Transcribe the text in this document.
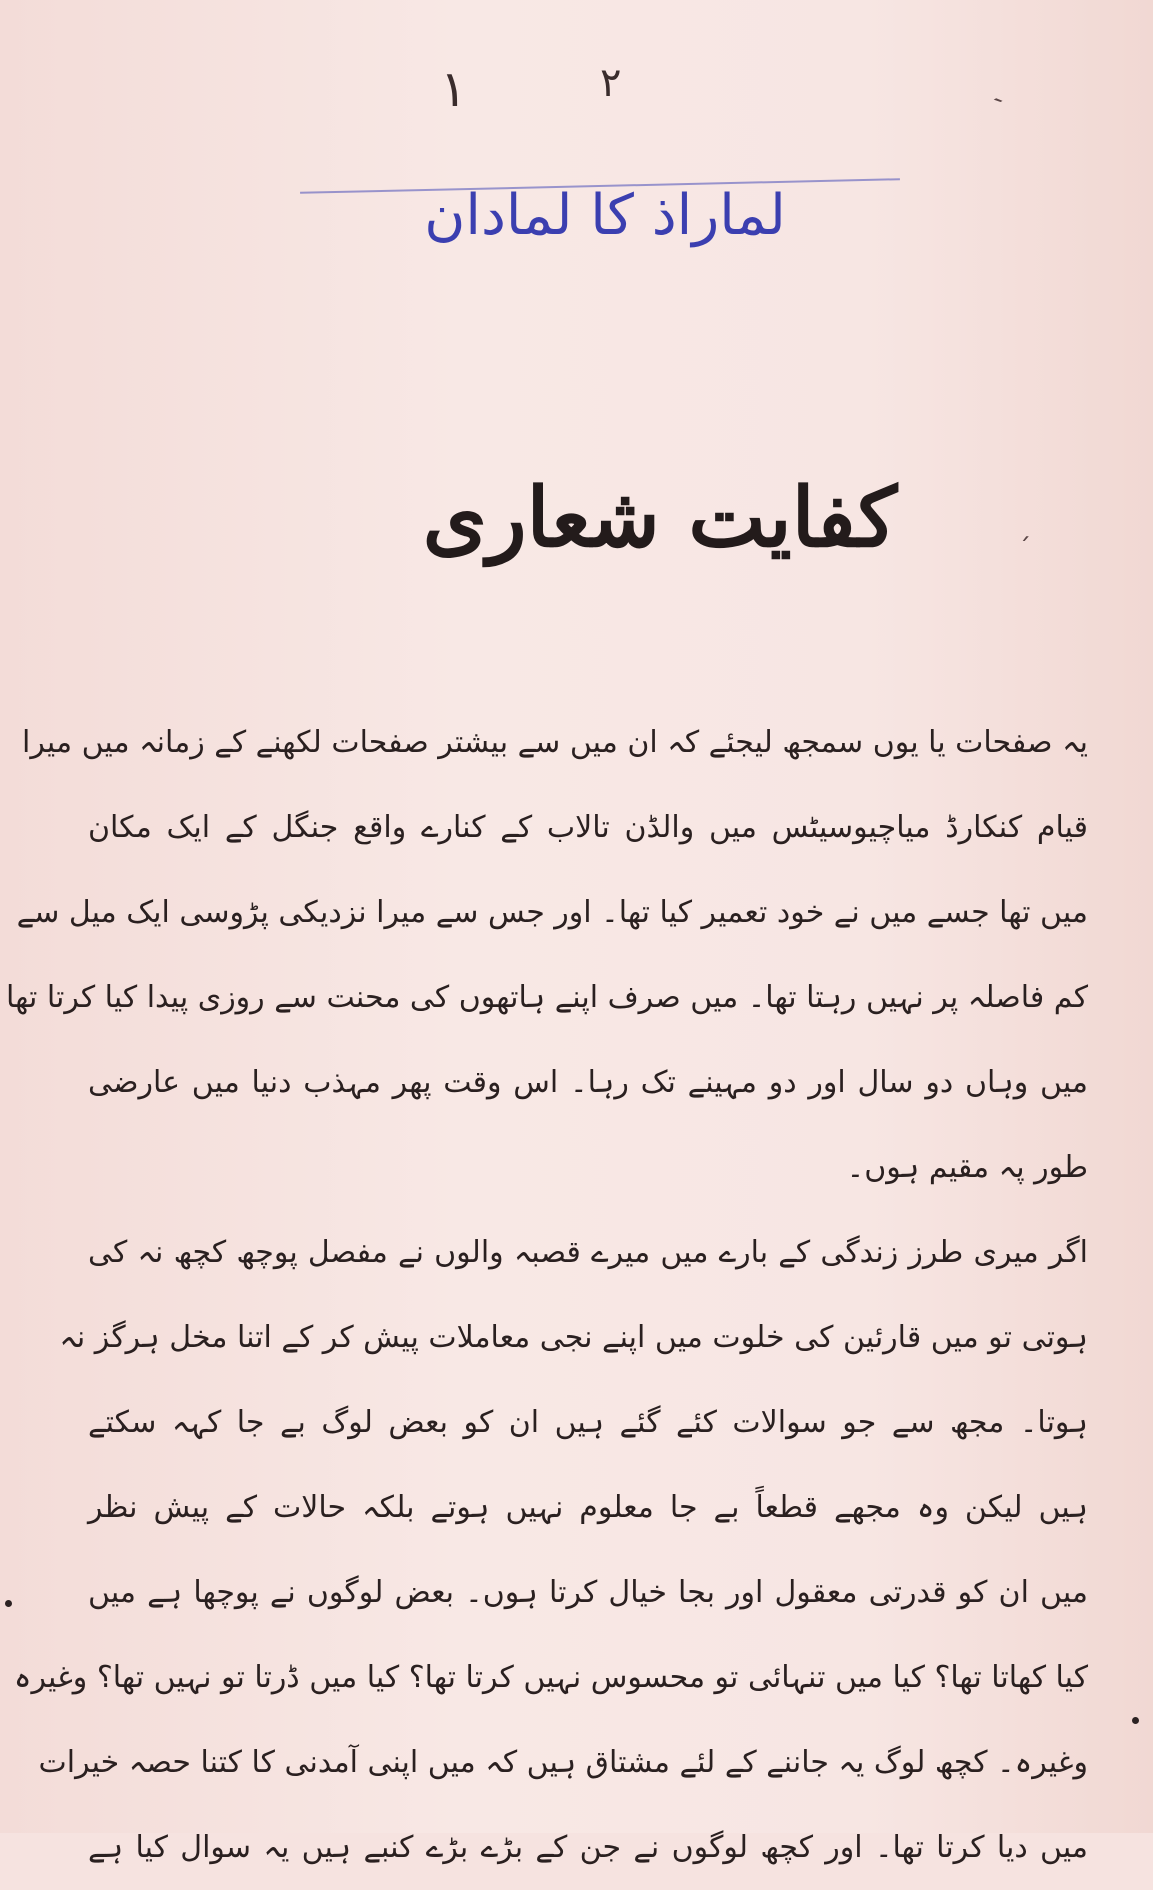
۱	۲	ˎ
لماراذ کا لمادان
کفایت شعاری	ˏ
یہ صفحات یا یوں سمجھ لیجئے کہ ان میں سے بیشتر صفحات لکھنے کے زمانہ میں میرا
قیام کنکارڈ میاچیوسیٹس میں والڈن تالاب کے کنارے واقع جنگل کے ایک مکان
میں تھا جسے میں نے خود تعمیر کیا تھا۔ اور جس سے میرا نزدیکی پڑوسی ایک میل سے
کم فاصلہ پر نہیں رہتا تھا۔ میں صرف اپنے ہاتھوں کی محنت سے روزی پیدا کیا کرتا تھا
میں وہاں دو سال اور دو مہینے تک رہا۔ اس وقت پھر مہذب دنیا میں عارضی
طور پہ مقیم ہوں۔
اگر میری طرز زندگی کے بارے میں میرے قصبہ والوں نے مفصل پوچھ کچھ نہ کی
ہوتی تو میں قارئین کی خلوت میں اپنے نجی معاملات پیش کر کے اتنا مخل ہرگز نہ
ہوتا۔ مجھ سے جو سوالات کئے گئے ہیں ان کو بعض لوگ بے جا کہہ سکتے
ہیں لیکن وہ مجھے قطعاً بے جا معلوم نہیں ہوتے بلکہ حالات کے پیش نظر
میں ان کو قدرتی معقول اور بجا خیال کرتا ہوں۔ بعض لوگوں نے پوچھا ہے میں
کیا کھاتا تھا؟ کیا میں تنہائی تو محسوس نہیں کرتا تھا؟ کیا میں ڈرتا تو نہیں تھا؟ وغیرہ
وغیرہ۔ کچھ لوگ یہ جاننے کے لئے مشتاق ہیں کہ میں اپنی آمدنی کا کتنا حصہ خیرات
میں دیا کرتا تھا۔ اور کچھ لوگوں نے جن کے بڑے بڑے کنبے ہیں یہ سوال کیا ہے
